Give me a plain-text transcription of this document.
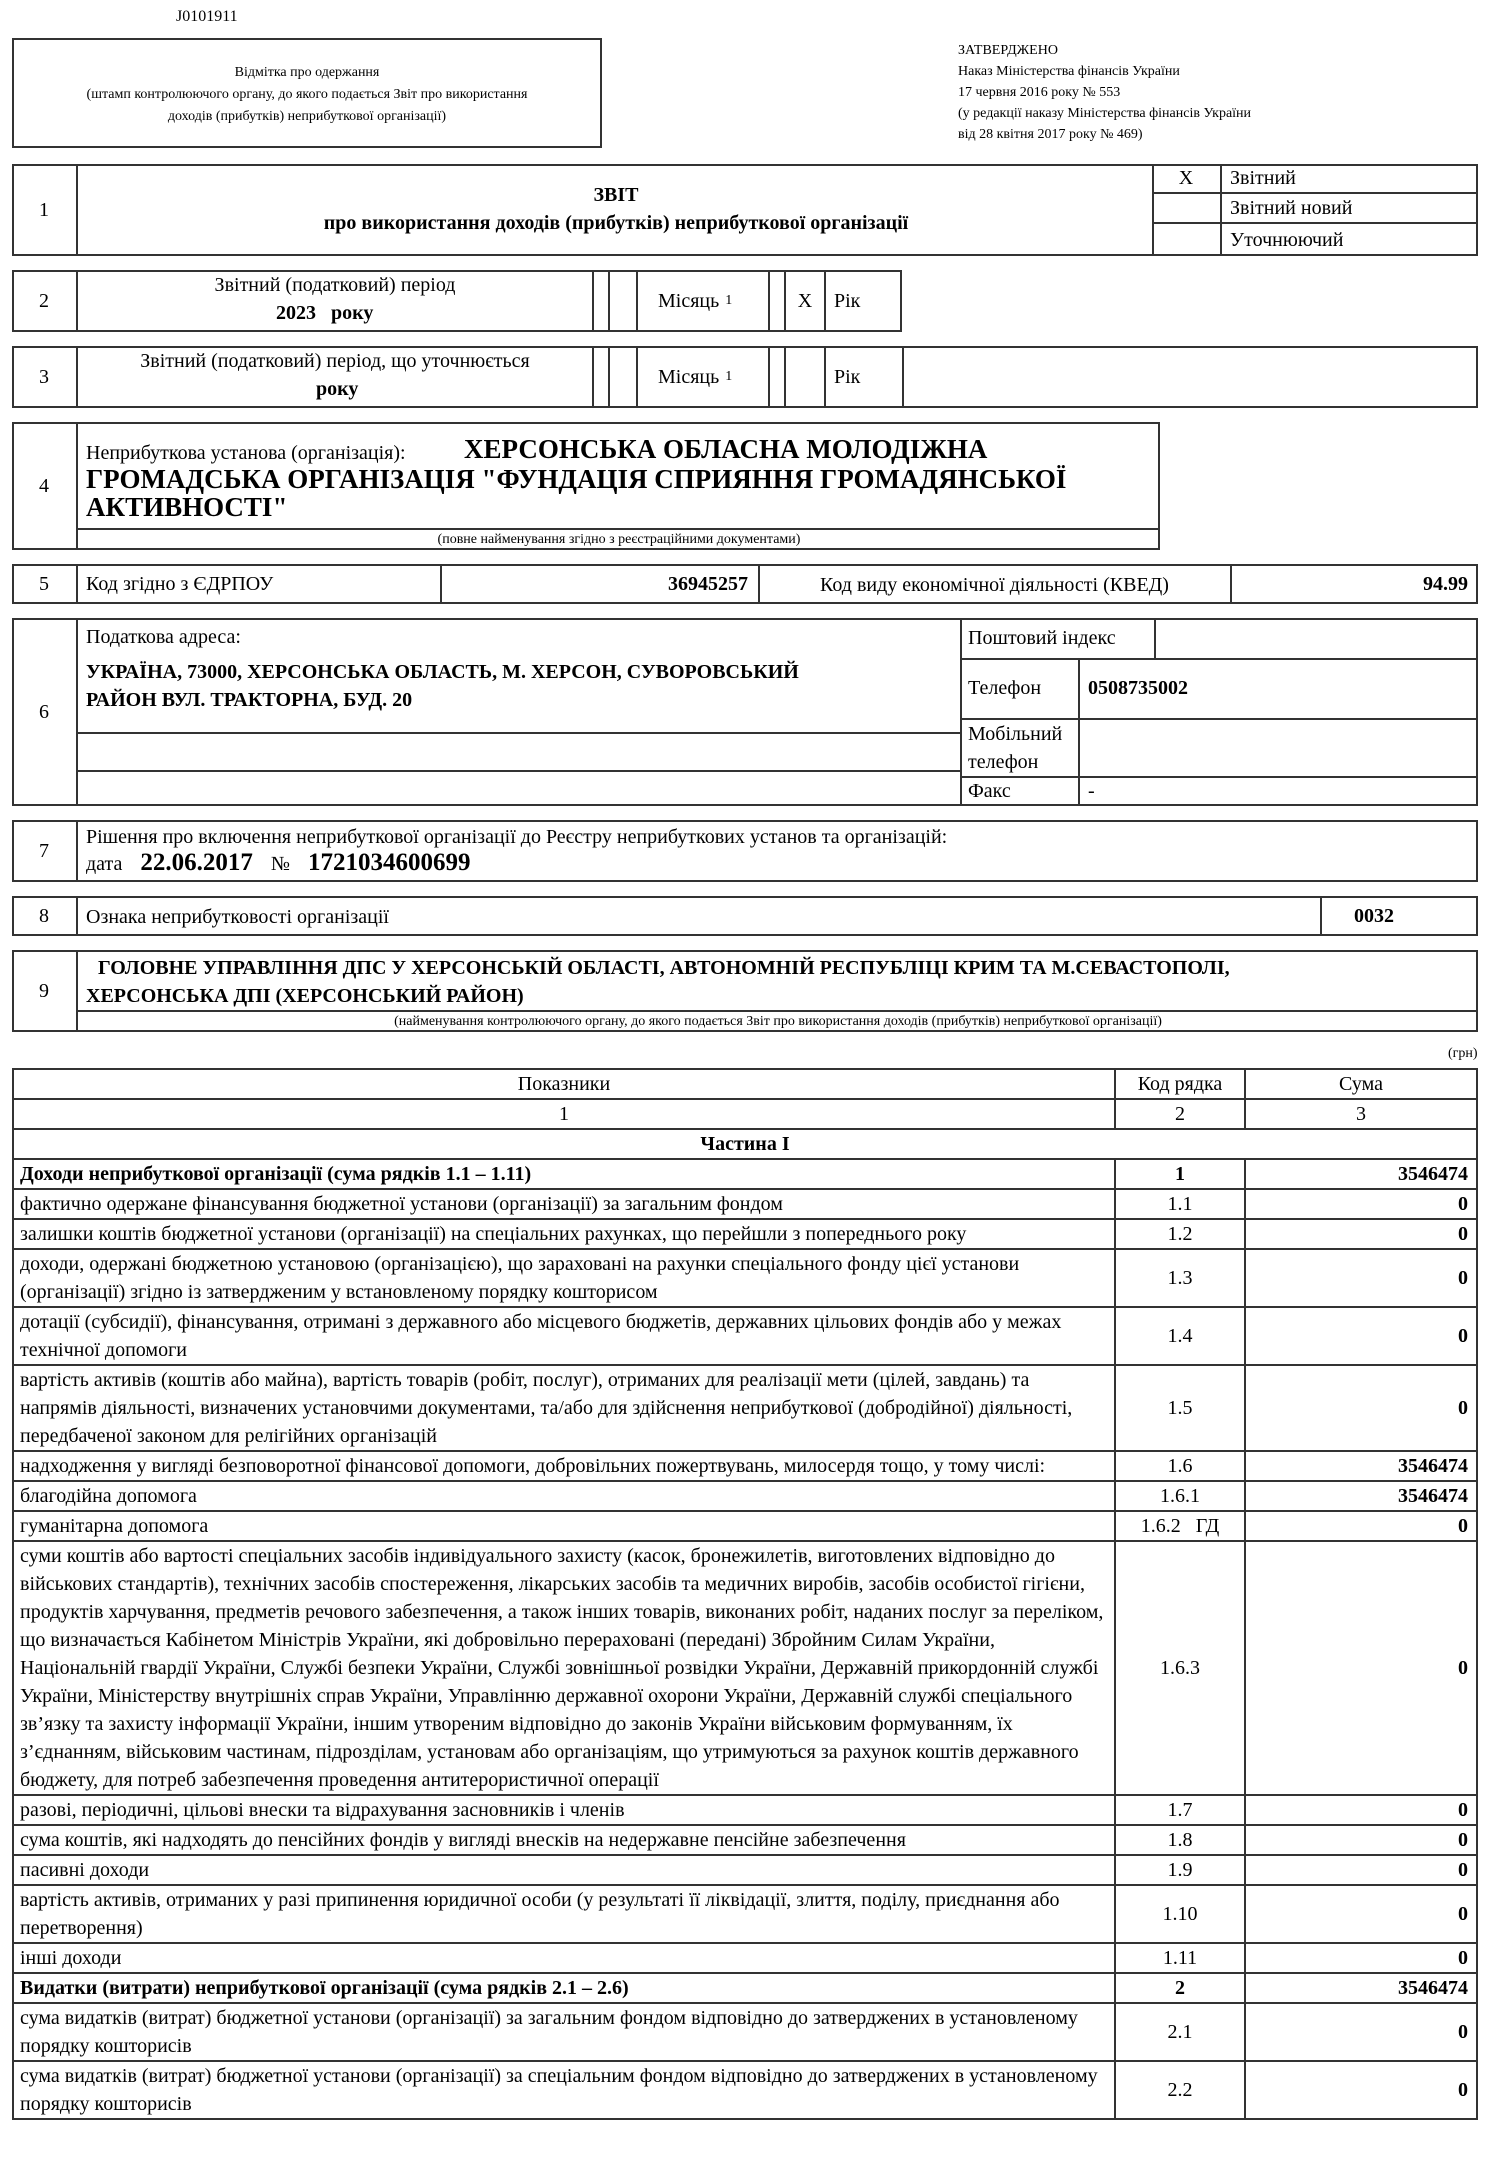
J0101911
Відмітка про одержання
(штамп контролюючого органу, до якого подається Звіт про використання
доходів (прибутків) неприбуткової організації)
ЗАТВЕРДЖЕНО
Наказ Міністерства фінансів України
17 червня 2016 року № 553
(у редакції наказу Міністерства фінансів України
від 28 квітня 2017 року № 469)
1
ЗВІТ
про використання доходів (прибутків) неприбуткової організації
X	Звітний
Звітний новий
Уточнюючий
2
Звітний (податковий) період
2023 року
Місяць 1	X	Рік
3
Звітний (податковий) період, що уточнюється
року
Місяць 1	Рік
4
Неприбуткова установа (організація): ХЕРСОНСЬКА ОБЛАСНА МОЛОДІЖНА
ГРОМАДСЬКА ОРГАНІЗАЦІЯ "ФУНДАЦІЯ СПРИЯННЯ ГРОМАДЯНСЬКОЇ
АКТИВНОСТІ"
(повне найменування згідно з реєстраційними документами)
5	Код згідно з ЄДРПОУ	36945257	Код виду економічної діяльності (КВЕД)	94.99
6
Податкова адреса:
УКРАЇНА, 73000, ХЕРСОНСЬКА ОБЛАСТЬ, М. ХЕРСОН, СУВОРОВСЬКИЙ
РАЙОН ВУЛ. ТРАКТОРНА, БУД. 20
Поштовий індекс
Телефон	0508735002
Мобільний
телефон
Факс	-
7
Рішення про включення неприбуткової організації до Реєстру неприбуткових установ та організацій:
дата 22.06.2017 № 1721034600699
8	Ознака неприбутковості організації	0032
9
ГОЛОВНЕ УПРАВЛІННЯ ДПС У ХЕРСОНСЬКІЙ ОБЛАСТІ, АВТОНОМНІЙ РЕСПУБЛІЦІ КРИМ ТА М.СЕВАСТОПОЛІ,
ХЕРСОНСЬКА ДПІ (ХЕРСОНСЬКИЙ РАЙОН)
(найменування контролюючого органу, до якого подається Звіт про використання доходів (прибутків) неприбуткової організації)
(грн)
Показники	Код рядка	Сума
1	2	3
Частина I		
Доходи неприбуткової організації (сума рядків 1.1 – 1.11)	1	3546474
фактично одержане фінансування бюджетної установи (організації) за загальним фондом	1.1	0
залишки коштів бюджетної установи (організації) на спеціальних рахунках, що перейшли з попереднього року	1.2	0
доходи, одержані бюджетною установою (організацією), що зараховані на рахунки спеціального фонду цієї установи (організації) згідно із затвердженим у встановленому порядку кошторисом	1.3	0
дотації (субсидії), фінансування, отримані з державного або місцевого бюджетів, державних цільових фондів або у межах технічної допомоги	1.4	0
вартість активів (коштів або майна), вартість товарів (робіт, послуг), отриманих для реалізації мети (цілей, завдань) та напрямів діяльності, визначених установчими документами, та/або для здійснення неприбуткової (добродійної) діяльності, передбаченої законом для релігійних організацій	1.5	0
надходження у вигляді безповоротної фінансової допомоги, добровільних пожертвувань, милосердя тощо, у тому числі:	1.6	3546474
благодійна допомога	1.6.1	3546474
гуманітарна допомога	1.6.2   ГД	0
суми коштів або вартості спеціальних засобів індивідуального захисту (касок, бронежилетів, виготовлених відповідно до військових стандартів), технічних засобів спостереження, лікарських засобів та медичних виробів, засобів особистої гігієни, продуктів харчування, предметів речового забезпечення, а також інших товарів, виконаних робіт, наданих послуг за переліком, що визначається Кабінетом Міністрів України, які добровільно перераховані (передані) Збройним Силам України, Національній гвардії України, Службі безпеки України, Службі зовнішньої розвідки України, Державній прикордонній службі України, Міністерству внутрішніх справ України, Управлінню державної охорони України, Державній службі спеціального зв’язку та захисту інформації України, іншим утвореним відповідно до законів України військовим формуванням, їх з’єднанням, військовим частинам, підрозділам, установам або організаціям, що утримуються за рахунок коштів державного бюджету, для потреб забезпечення проведення антитерористичної операції	1.6.3	0
разові, періодичні, цільові внески та відрахування засновників і членів	1.7	0
сума коштів, які надходять до пенсійних фондів у вигляді внесків на недержавне пенсійне забезпечення	1.8	0
пасивні доходи	1.9	0
вартість активів, отриманих у разі припинення юридичної особи (у результаті її ліквідації, злиття, поділу, приєднання або перетворення)	1.10	0
інші доходи	1.11	0
Видатки (витрати) неприбуткової організації (сума рядків 2.1 – 2.6)	2	3546474
сума видатків (витрат) бюджетної установи (організації) за загальним фондом відповідно до затверджених в установленому порядку кошторисів	2.1	0
сума видатків (витрат) бюджетної установи (організації) за спеціальним фондом відповідно до затверджених в установленому порядку кошторисів	2.2	0
